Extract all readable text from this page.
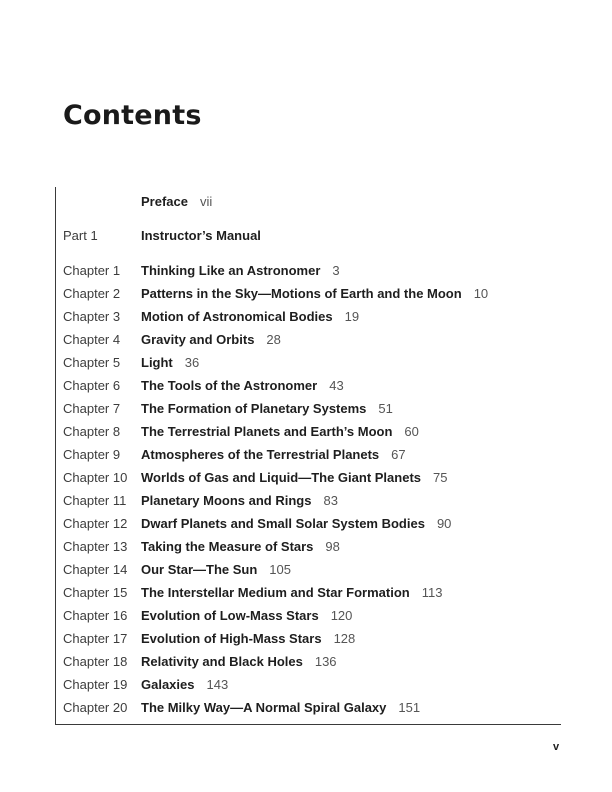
Contents
Preface vii
Part 1	Instructor’s Manual
Chapter 1 Thinking Like an Astronomer 3
Chapter 2 Patterns in the Sky—Motions of Earth and the Moon 10
Chapter 3 Motion of Astronomical Bodies 19
Chapter 4 Gravity and Orbits 28
Chapter 5 Light 36
Chapter 6 The Tools of the Astronomer 43
Chapter 7 The Formation of Planetary Systems 51
Chapter 8 The Terrestrial Planets and Earth’s Moon 60
Chapter 9 Atmospheres of the Terrestrial Planets 67
Chapter 10 Worlds of Gas and Liquid—The Giant Planets 75
Chapter 11 Planetary Moons and Rings 83
Chapter 12 Dwarf Planets and Small Solar System Bodies 90
Chapter 13 Taking the Measure of Stars 98
Chapter 14 Our Star—The Sun 105
Chapter 15 The Interstellar Medium and Star Formation 113
Chapter 16 Evolution of Low-Mass Stars 120
Chapter 17 Evolution of High-Mass Stars 128
Chapter 18 Relativity and Black Holes 136
Chapter 19 Galaxies 143
Chapter 20 The Milky Way—A Normal Spiral Galaxy 151
v
